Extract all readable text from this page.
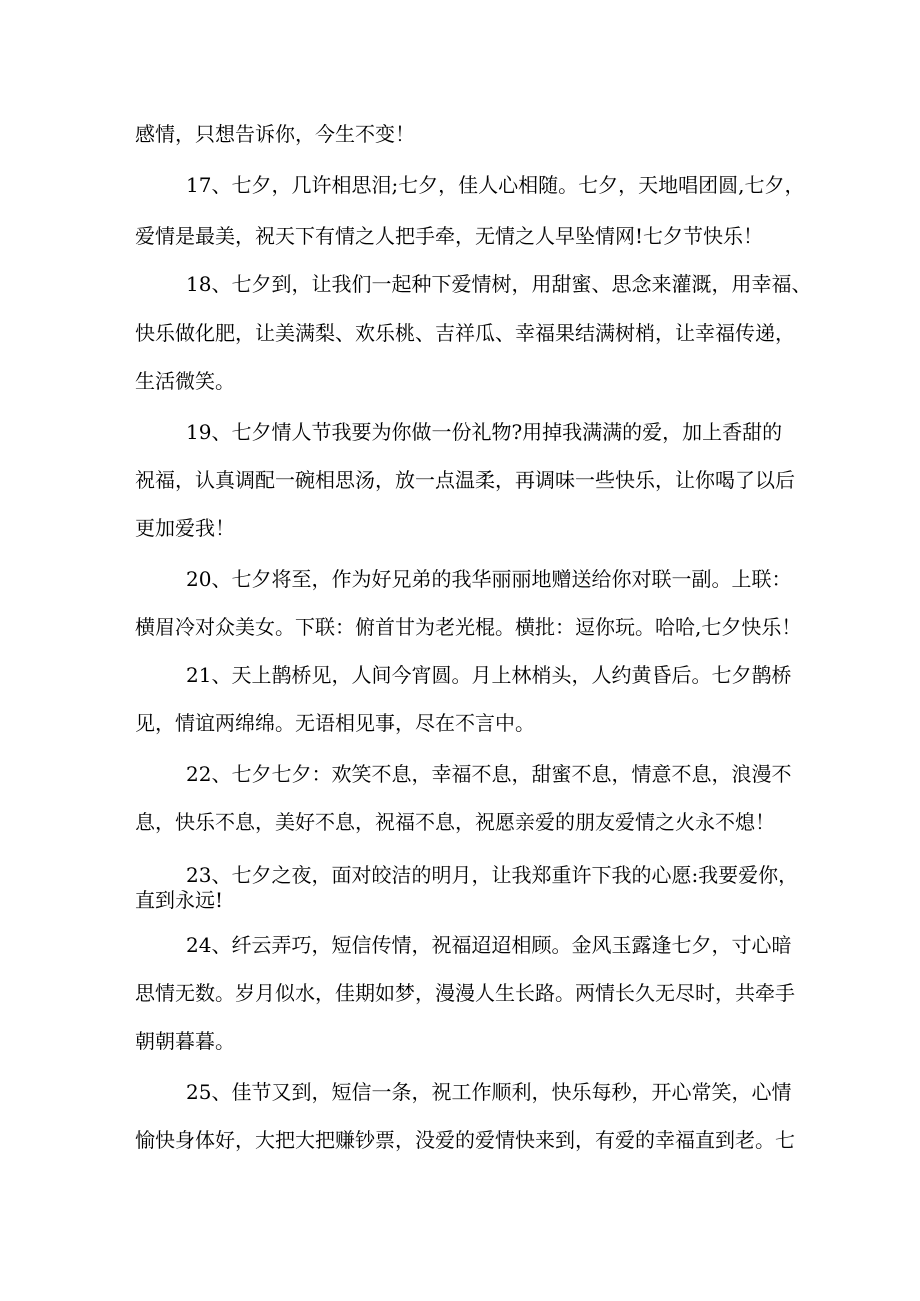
感情，只想告诉你，今生不变！
17、七夕，几许相思泪;七夕，佳人心相随。七夕，天地唱团圆,七夕，
爱情是最美，祝天下有情之人把手牵，无情之人早坠情网!七夕节快乐！
18、七夕到，让我们一起种下爱情树，用甜蜜、思念来灌溉，用幸福、
快乐做化肥，让美满梨、欢乐桃、吉祥瓜、幸福果结满树梢，让幸福传递，
生活微笑。
19、七夕情人节我要为你做一份礼物?用掉我满满的爱，加上香甜的
祝福，认真调配一碗相思汤，放一点温柔，再调味一些快乐，让你喝了以后
更加爱我！
20、七夕将至，作为好兄弟的我华丽丽地赠送给你对联一副。上联：
横眉冷对众美女。下联：俯首甘为老光棍。横批：逗你玩。哈哈,七夕快乐！
21、天上鹊桥见，人间今宵圆。月上林梢头，人约黄昏后。七夕鹊桥
见，情谊两绵绵。无语相见事，尽在不言中。
22、七夕七夕：欢笑不息，幸福不息，甜蜜不息，情意不息，浪漫不
息，快乐不息，美好不息，祝福不息，祝愿亲爱的朋友爱情之火永不熄！
23、七夕之夜，面对皎洁的明月，让我郑重许下我的心愿:我要爱你，
直到永远!
24、纤云弄巧，短信传情，祝福迢迢相顾。金风玉露逢七夕，寸心暗
思情无数。岁月似水，佳期如梦，漫漫人生长路。两情长久无尽时，共牵手
朝朝暮暮。
25、佳节又到，短信一条，祝工作顺利，快乐每秒，开心常笑，心情
愉快身体好，大把大把赚钞票，没爱的爱情快来到，有爱的幸福直到老。七
